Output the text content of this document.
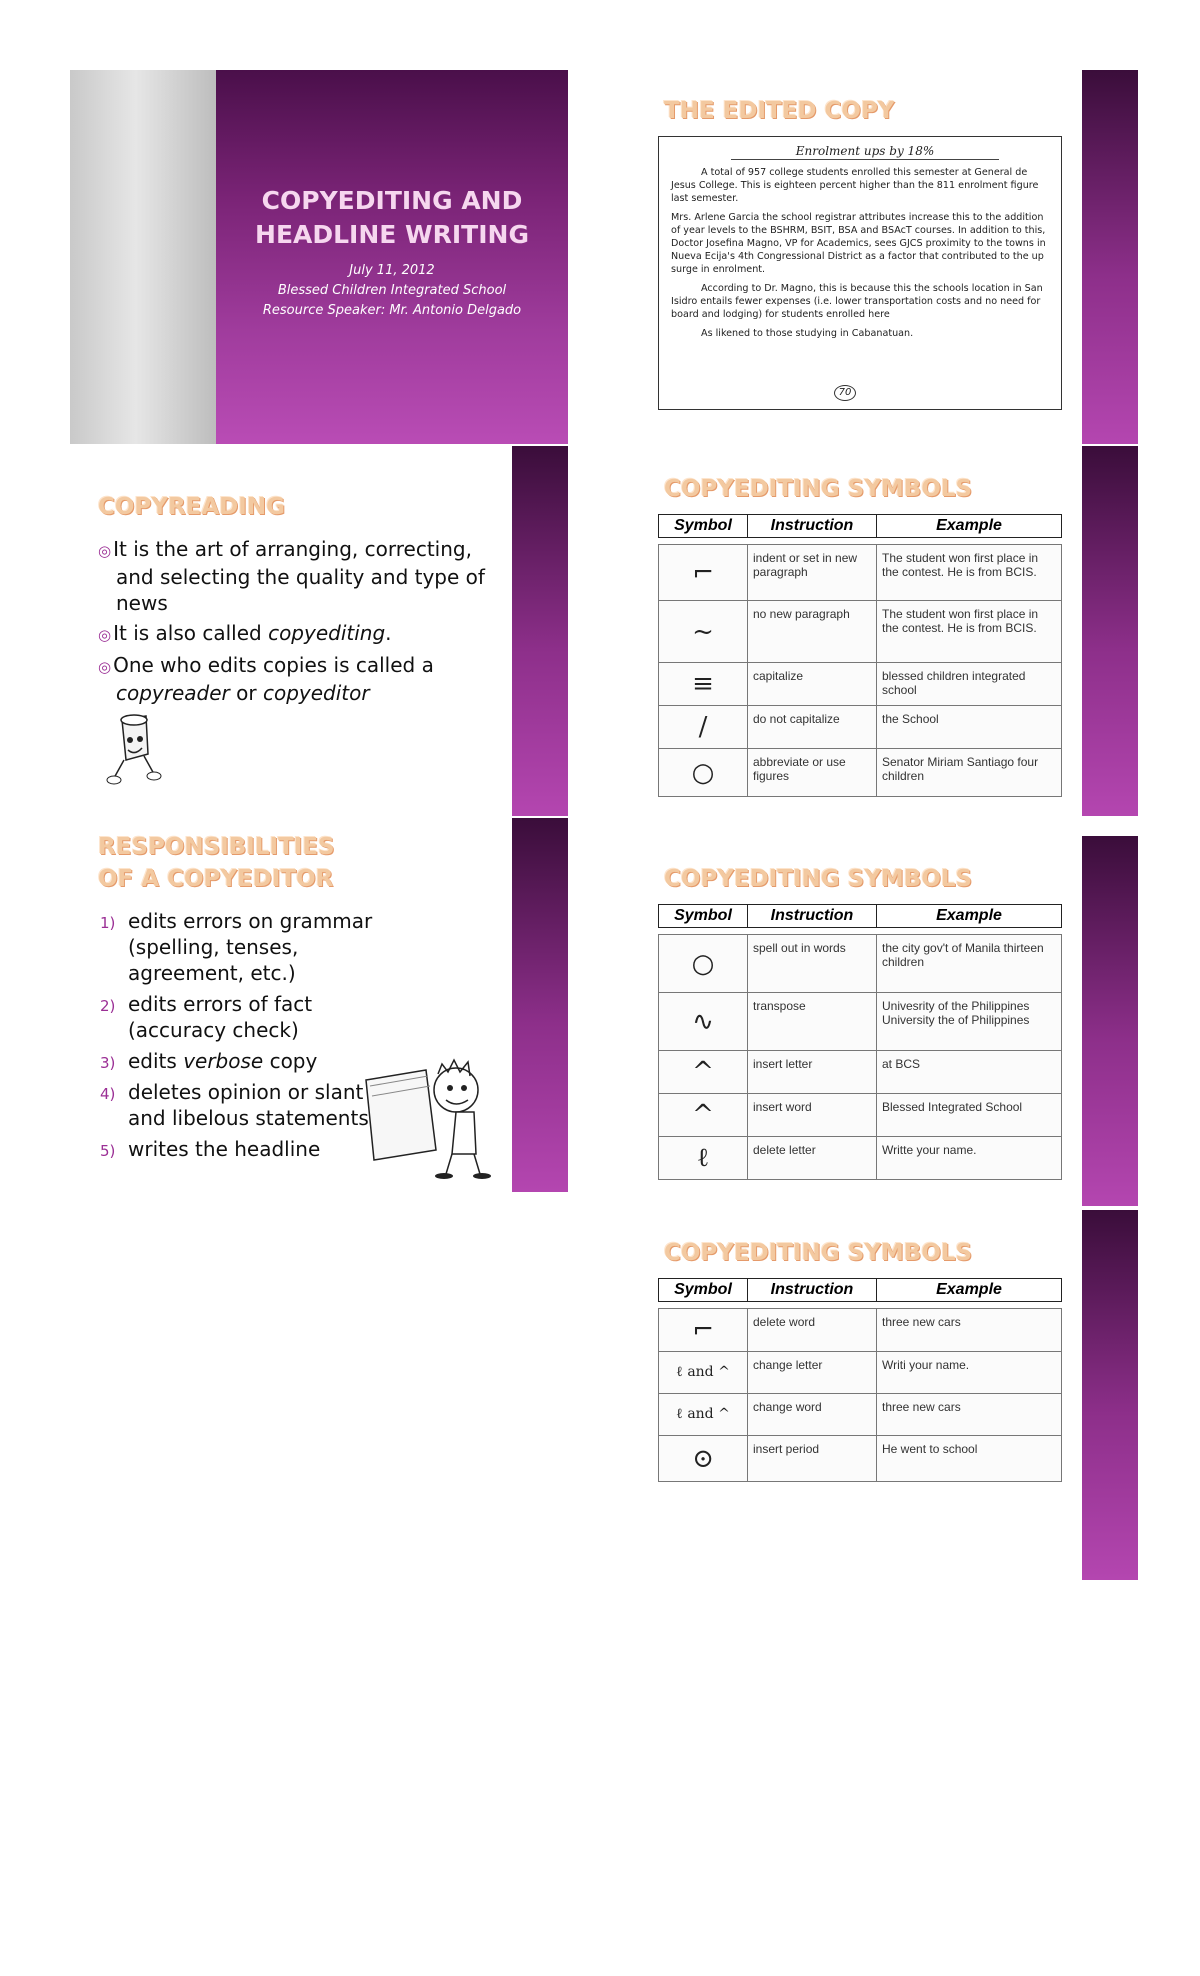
COPYEDITING AND
HEADLINE WRITING
July 11, 2012
Blessed Children Integrated School
Resource Speaker: Mr. Antonio Delgado
THE EDITED COPY
Enrolment ups by 18%

A total of 957 college students enrolled this semester at General de Jesus College. This is eighteen percent higher than the 811 enrolment figure last semester.

Mrs. Arlene Garcia the school registrar attributes increase this to the addition of year levels to the BSHRM, BSIT, BSA and BSAcT courses. In addition to this, Doctor Josefina Magno, VP for Academics, sees GJCS proximity to the towns in Nueva Ecija's 4th Congressional District as a factor that contributed to the up surge in enrolment.

According to Dr. Magno, this is because this the schools location in San Isidro entails fewer expenses (i.e. lower transportation costs and no need for board and lodging) for students enrolled here

As likened to those studying in Cabanatuan.

70
COPYREADING
◎ It is the art of arranging, correcting, and selecting the quality and type of news
◎ It is also called copyediting.
◎ One who edits copies is called a copyreader or copyeditor
COPYEDITING SYMBOLS
Symbol	Instruction	Example

⌐	indent or set in new paragraph	The student won first place in the contest. He is from BCIS.
~	no new paragraph	The student won first place in the contest. He is from BCIS.
≡	capitalize	blessed children integrated school
/	do not capitalize	the School
○	abbreviate or use figures	Senator Miriam Santiago four children
RESPONSIBILITIES
OF A COPYEDITOR
1) edits errors on grammar (spelling, tenses, agreement, etc.)
2) edits errors of fact (accuracy check)
3) edits verbose copy
4) deletes opinion or slant and libelous statements
5) writes the headline
COPYEDITING SYMBOLS
Symbol	Instruction	Example

○	spell out in words	the city gov't of Manila thirteen children
∿	transpose	Univesrity of the Philippines University the of Philippines
^	insert letter	at BCS
^	insert word	Blessed Integrated School
ℓ	delete letter	Writte your name.
COPYEDITING SYMBOLS
Symbol	Instruction	Example

⌐	delete word	three new cars
ℓ and ^	change letter	Writi your name.
ℓ and ^	change word	three new cars
⊙	insert period	He went to school
